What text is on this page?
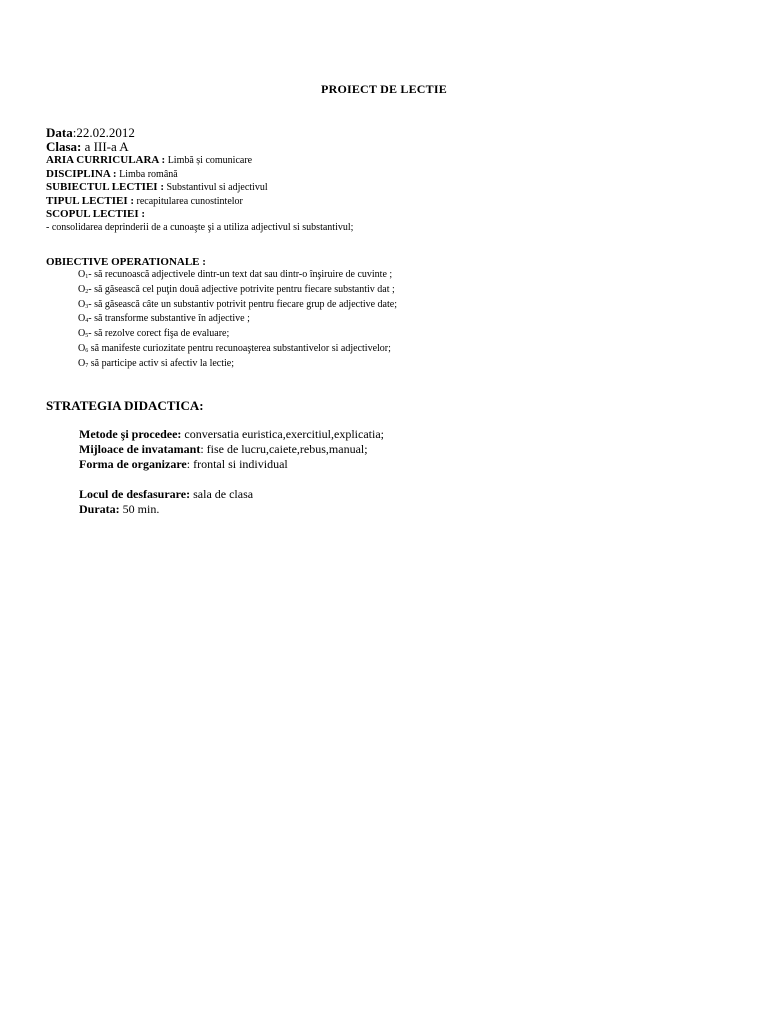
PROIECT DE LECTIE
Data:22.02.2012
Clasa: a III-a A
ARIA CURRICULARA : Limbă și comunicare
DISCIPLINA : Limba română
SUBIECTUL LECTIEI : Substantivul si adjectivul
TIPUL LECTIEI : recapitularea cunostintelor
SCOPUL LECTIEI :
- consolidarea deprinderii de a cunoaşte şi a utiliza adjectivul si substantivul;
OBIECTIVE OPERATIONALE :
O1- să recunoască adjectivele dintr-un text dat sau dintr-o înşiruire de cuvinte ;
O2- să găsească cel puţin două adjective potrivite pentru fiecare substantiv dat ;
O3- să găsească câte un substantiv potrivit pentru fiecare grup de adjective date;
O4- să transforme substantive în adjective ;
O5- să rezolve corect fişa de evaluare;
O6 să manifeste curiozitate pentru recunoaşterea substantivelor si adjectivelor;
O7 să participe activ si afectiv la lectie;
STRATEGIA DIDACTICA:
Metode şi procedee: conversatia euristica,exercitiul,explicatia;
Mijloace de invatamant: fise de lucru,caiete,rebus,manual;
Forma de organizare: frontal si individual
Locul de desfasurare: sala de clasa
Durata: 50 min.
